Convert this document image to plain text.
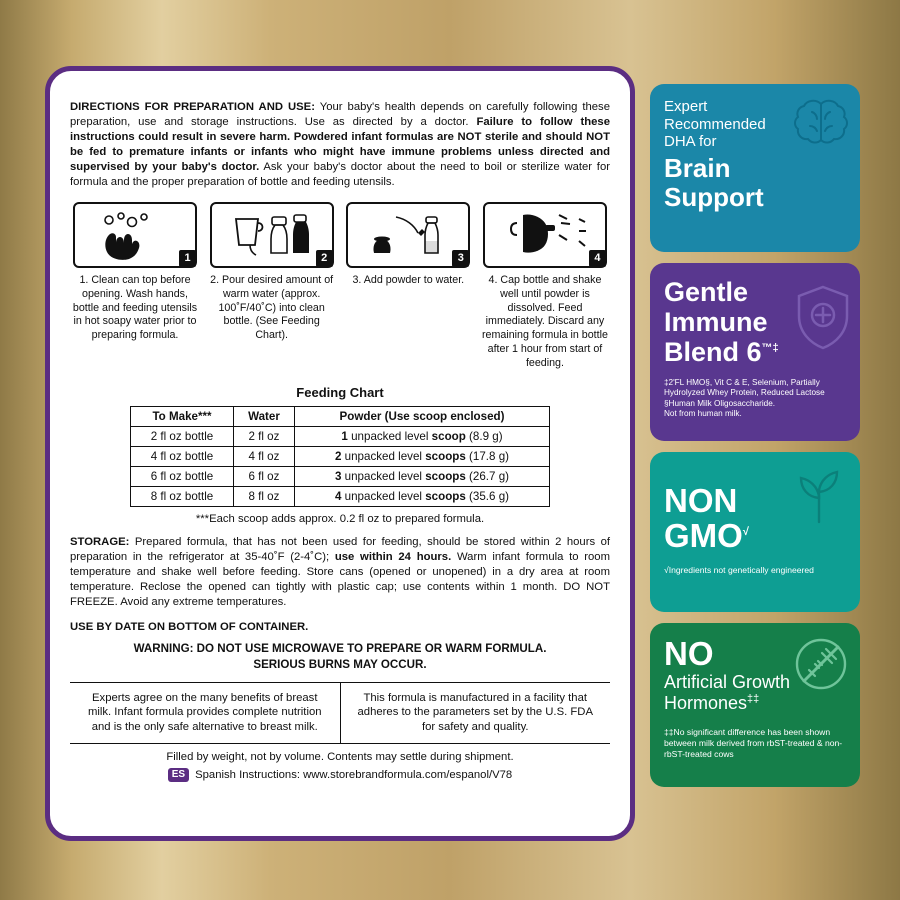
DIRECTIONS FOR PREPARATION AND USE: Your baby's health depends on carefully following these preparation, use and storage instructions. Use as directed by a doctor. Failure to follow these instructions could result in severe harm. Powdered infant formulas are NOT sterile and should NOT be fed to premature infants or infants who might have immune problems unless directed and supervised by your baby's doctor. Ask your baby's doctor about the need to boil or sterilize water for formula and the proper preparation of bottle and feeding utensils.

1
1. Clean can top before opening. Wash hands, bottle and feeding utensils in hot soapy water prior to preparing formula.
2
2. Pour desired amount of warm water (approx. 100˚F/40˚C) into clean bottle. (See Feeding Chart).
3
3. Add powder to water.
4
4. Cap bottle and shake well until powder is dissolved. Feed immediately. Discard any remaining formula in bottle after 1 hour from start of feeding.
Feeding Chart
To Make***	Water	Powder (Use scoop enclosed)
2 fl oz bottle	2 fl oz	1 unpacked level scoop (8.9 g)
4 fl oz bottle	4 fl oz	2 unpacked level scoops (17.8 g)
6 fl oz bottle	6 fl oz	3 unpacked level scoops (26.7 g)
8 fl oz bottle	8 fl oz	4 unpacked level scoops (35.6 g)
***Each scoop adds approx. 0.2 fl oz to prepared formula.

STORAGE: Prepared formula, that has not been used for feeding, should be stored within 2 hours of preparation in the refrigerator at 35-40˚F (2-4˚C); use within 24 hours. Warm infant formula to room temperature and shake well before feeding. Store cans (opened or unopened) in a dry area at room temperature. Reclose the opened can tightly with plastic cap; use contents within 1 month. DO NOT FREEZE. Avoid any extreme temperatures.

USE BY DATE ON BOTTOM OF CONTAINER.
WARNING: DO NOT USE MICROWAVE TO PREPARE OR WARM FORMULA.
SERIOUS BURNS MAY OCCUR.
Experts agree on the many benefits of breast milk. Infant formula provides complete nutrition and is the only safe alternative to breast milk.
This formula is manufactured in a facility that adheres to the parameters set by the U.S. FDA for safety and quality.
Filled by weight, not by volume. Contents may settle during shipment.
ES Spanish Instructions: www.storebrandformula.com/espanol/V78
Expert
Recommended
DHA for
Brain
Support
Gentle
Immune
Blend 6™‡
‡2'FL HMO§, Vit C & E, Selenium, Partially Hydrolyzed Whey Protein, Reduced Lactose
§Human Milk Oligosaccharide.
Not from human milk.
NON
GMO√
√Ingredients not genetically engineered
NO
Artificial Growth
Hormones‡‡
‡‡No significant difference has been shown between milk derived from rbST-treated & non-rbST-treated cows
